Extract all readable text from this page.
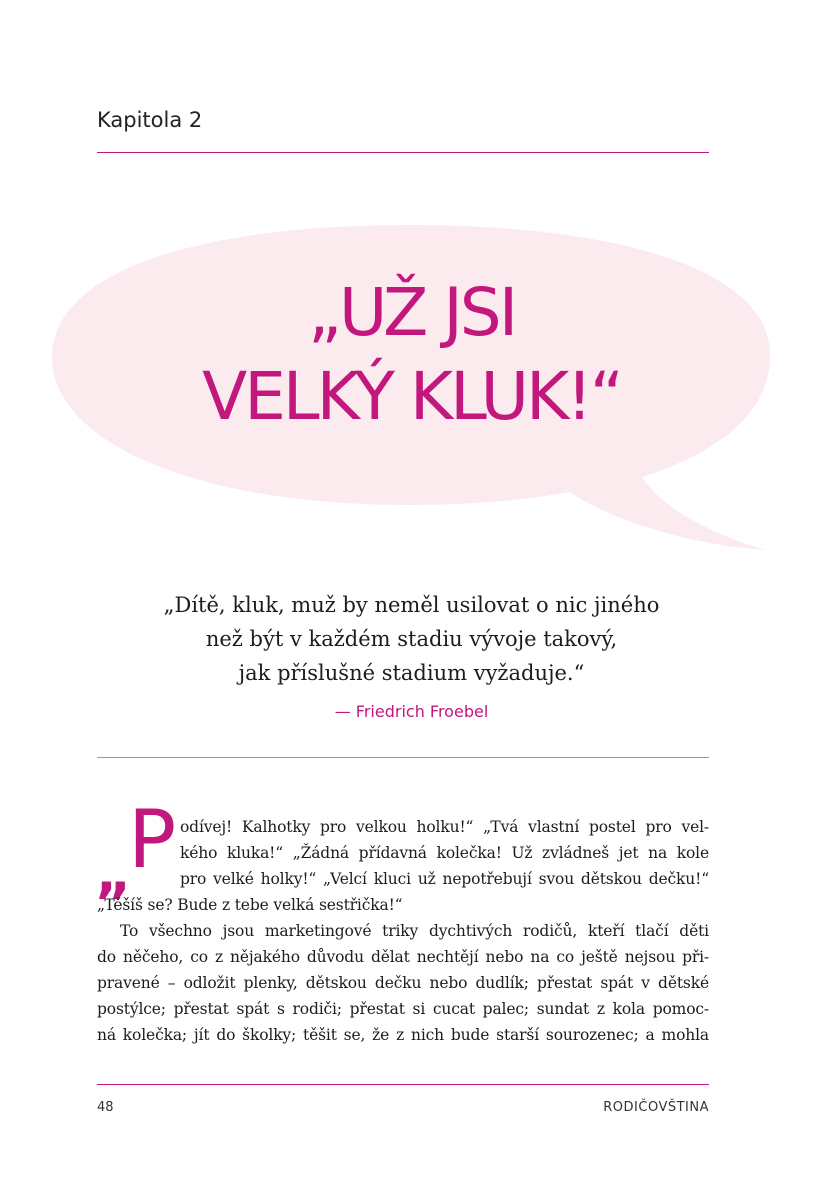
Kapitola 2
„UŽ JSI
VELKÝ KLUK!“
„Dítě, kluk, muž by neměl usilovat o nic jiného
než být v každém stadiu vývoje takový,
jak příslušné stadium vyžaduje.“
— Friedrich Froebel
„
P odívej! Kalhotky pro velkou holku!“ „Tvá vlastní postel pro vel-
kého kluka!“ „Žádná přídavná kolečka! Už zvládneš jet na kole
pro velké holky!“ „Velcí kluci už nepotřebují svou dětskou dečku!“
„Těšíš se? Bude z tebe velká sestřička!“
To všechno jsou marketingové triky dychtivých rodičů, kteří tlačí děti
do něčeho, co z nějakého důvodu dělat nechtějí nebo na co ještě nejsou při-
pravené – odložit plenky, dětskou dečku nebo dudlík; přestat spát v dětské
postýlce; přestat spát s rodiči; přestat si cucat palec; sundat z kola pomoc-
ná kolečka; jít do školky; těšit se, že z nich bude starší sourozenec; a mohla
48	RODIČOVŠTINA
